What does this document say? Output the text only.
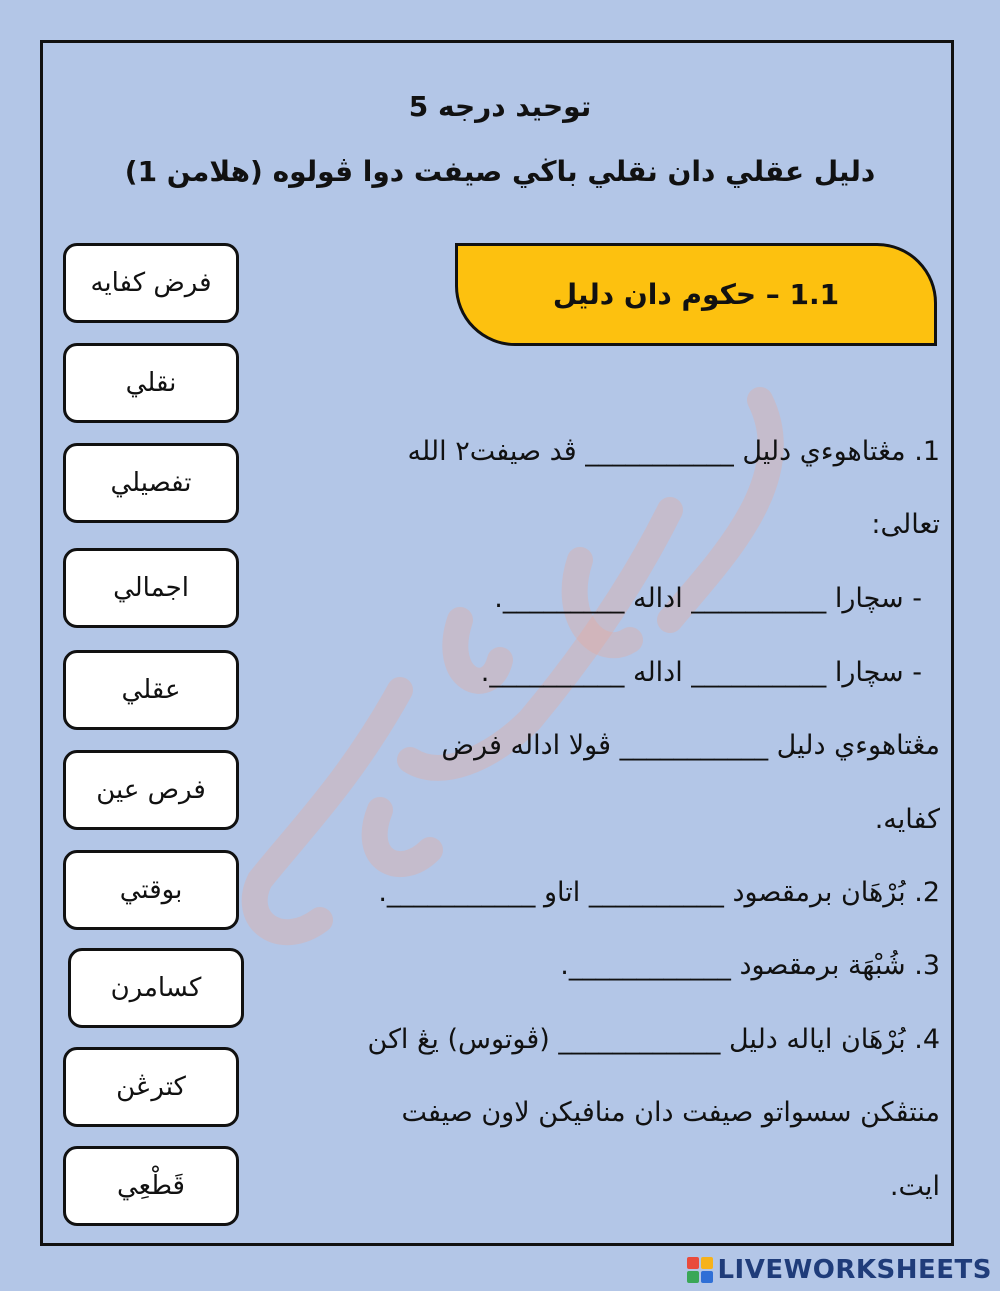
توحيد درجه 5
دليل عقلي دان نقلي باڬي صيفت دوا ڤولوه (هلامن 1)
1.1 – حكوم دان دليل
فرض كفايه
نقلي
تفصيلي
اجمالي
عقلي
فرص عين
بوقتي
كسامرن
كترڠن
قَطْعِي
1. مڠتاهوءي دليل ___________ ڤد صيفت٢ الله
تعالى:
- سچارا __________ اداله _________.
- سچارا __________ اداله __________.
مڠتاهوءي دليل ___________ ڤولا اداله فرض
كفايه.
2. بُرْهَان برمقصود __________ اتاو ___________.
3. شُبْهَة برمقصود ____________.
4. بُرْهَان اياله دليل ____________ (ڤوتوس) يڠ اكن
منتڤكن سسواتو صيفت دان منافيكن لاون صيفت
ايت.
LIVEWORKSHEETS
